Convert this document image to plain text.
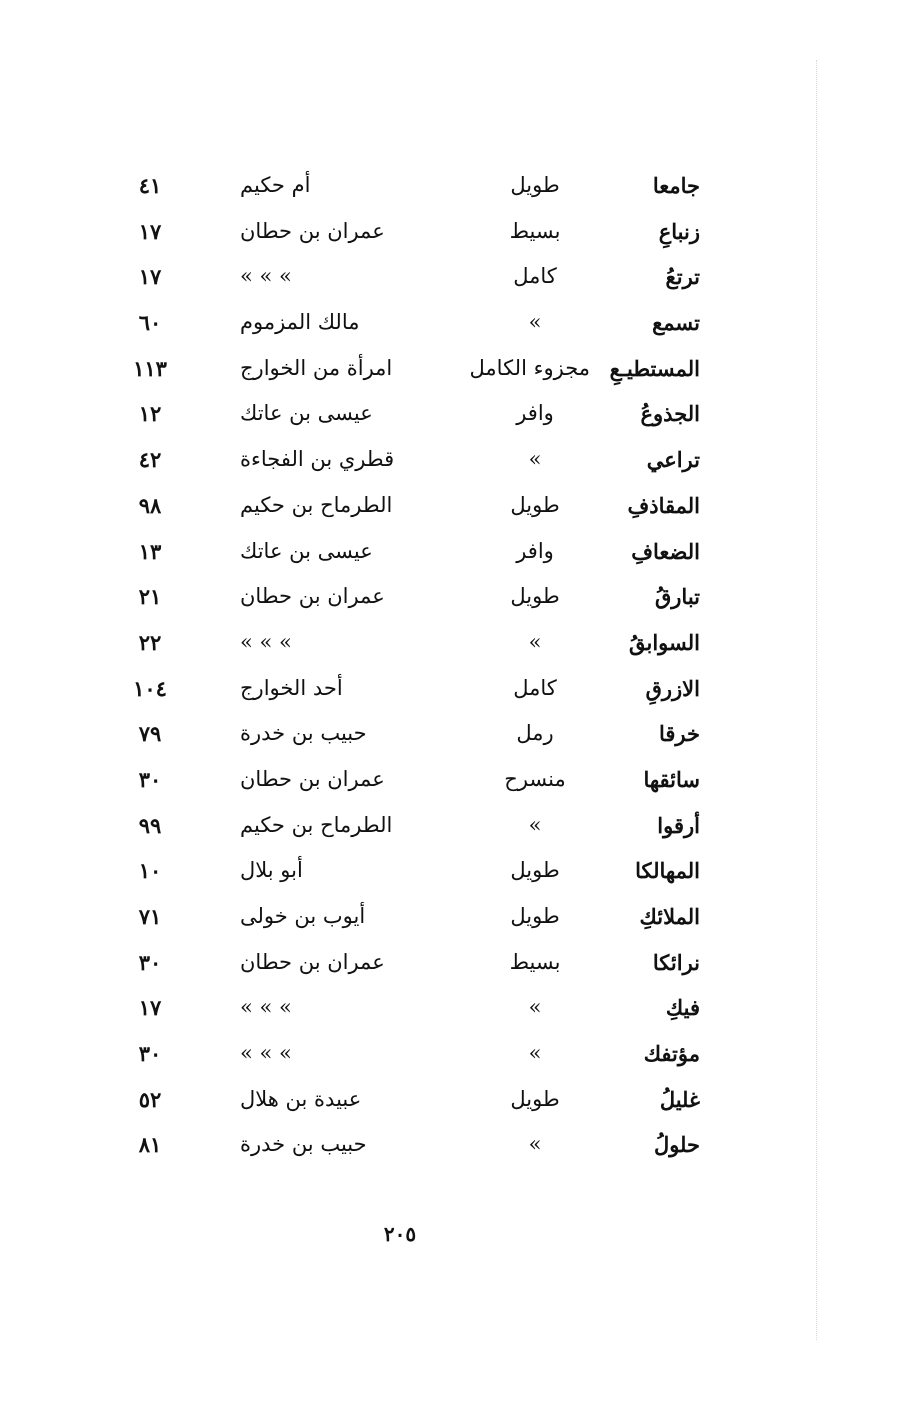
جامعا
طويل
أم حكيم
٤١
زنباعِ
بسيط
عمران بن حطان
١٧
ترتعُ
كامل
» » »
١٧
تسمع
»
مالك المزموم
٦٠
المستطيـعِ
مجزوء الكامل
امرأة من الخوارج
١١٣
الجذوعُ
وافر
عيسى بن عاتك
١٢
تراعي
»
قطري بن الفجاءة
٤٢
المقاذفِ
طويل
الطرماح بن حكيم
٩٨
الضعافِ
وافر
عيسى بن عاتك
١٣
تبارقُ
طويل
عمران بن حطان
٢١
السوابقُ
»
» » »
٢٢
الازرقِ
كامل
أحد الخوارج
١٠٤
خرقا
رمل
حبيب بن خدرة
٧٩
سائقها
منسرح
عمران بن حطان
٣٠
أرقوا
»
الطرماح بن حكيم
٩٩
المهالكا
طويل
أبو بلال
١٠
الملائكِ
طويل
أيوب بن خولى
٧١
نرائكا
بسيط
عمران بن حطان
٣٠
فيكِ
»
» » »
١٧
مؤتفك
»
» » »
٣٠
غليلُ
طويل
عبيدة بن هلال
٥٢
حلولُ
»
حبيب بن خدرة
٨١
٢٠٥
